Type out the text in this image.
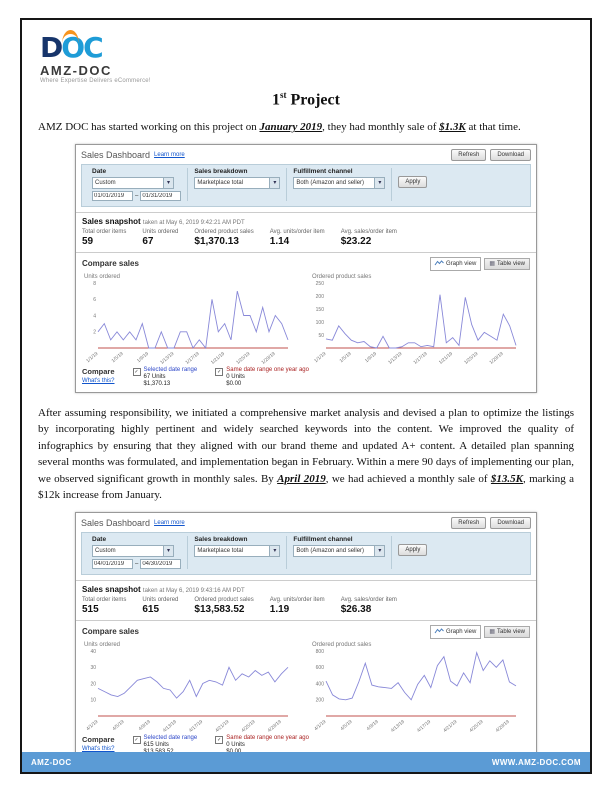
D
OC
AMZ-DOC
Where Expertise Delivers eCommerce!
1st Project

AMZ DOC has started working on this project on January 2019, they had monthly sale of $1.3K at that time.

Sales Dashboard Learn more	Refresh	Download
Date
Custom	▾
01/01/2019
–
01/31/2019
Sales breakdown
Marketplace total	▾
Fulfillment channel
Both (Amazon and seller)	▾	Apply
Sales snapshot taken at May 6, 2019 9:42:21 AM PDT
Total order items
59
Units ordered
67
Ordered product sales
$1,370.13
Avg. units/order item
1.14
Avg. sales/order item
$23.22
Compare sales	Graph view ▦ Table view
Units ordered
2
4
6
8
1/1/19 1/5/19 1/9/19 1/13/19 1/17/19 1/21/19 1/25/19 1/29/19
Ordered product sales
50
100
150
200
250
1/1/19 1/5/19 1/9/19 1/13/19 1/17/19 1/21/19 1/25/19 1/29/19
Compare
What's this?
✓ Selected date range
67 Units
$1,370.13
✓ Same date range one year ago
0 Units
$0.00

After assuming responsibility, we initiated a comprehensive market analysis and devised a plan to optimize the listings by incorporating highly pertinent and widely searched keywords into the content. We improved the quality of infographics by ensuring that they aligned with our brand theme and updated A+ content. A detailed plan spanning several months was formulated, and implementation began in February. Within a mere 90 days of implementing our plan, we observed significant growth in monthly sales. By April 2019, we had achieved a monthly sale of $13.5K, marking a $12k increase from January.

Sales Dashboard Learn more	Refresh	Download
Date
Custom	▾
04/01/2019
–
04/30/2019
Sales breakdown
Marketplace total	▾
Fulfillment channel
Both (Amazon and seller)	▾	Apply
Sales snapshot taken at May 6, 2019 9:43:16 AM PDT
Total order items
515
Units ordered
615
Ordered product sales
$13,583.52
Avg. units/order item
1.19
Avg. sales/order item
$26.38
Compare sales	Graph view ▦ Table view
Units ordered
10
20
30
40
4/1/19	4/5/19	4/9/19 4/13/19 4/17/19 4/21/19 4/25/19 4/29/19
Ordered product sales
200
400
600
800
4/1/19	4/5/19	4/9/19 4/13/19 4/17/19 4/21/19 4/25/19 4/29/19
Compare
What's this?
✓ Selected date range
615 Units
✓ Same date range one year ago
0 Units
AMZ-DOC	WWW.AMZ-DOC.COM
